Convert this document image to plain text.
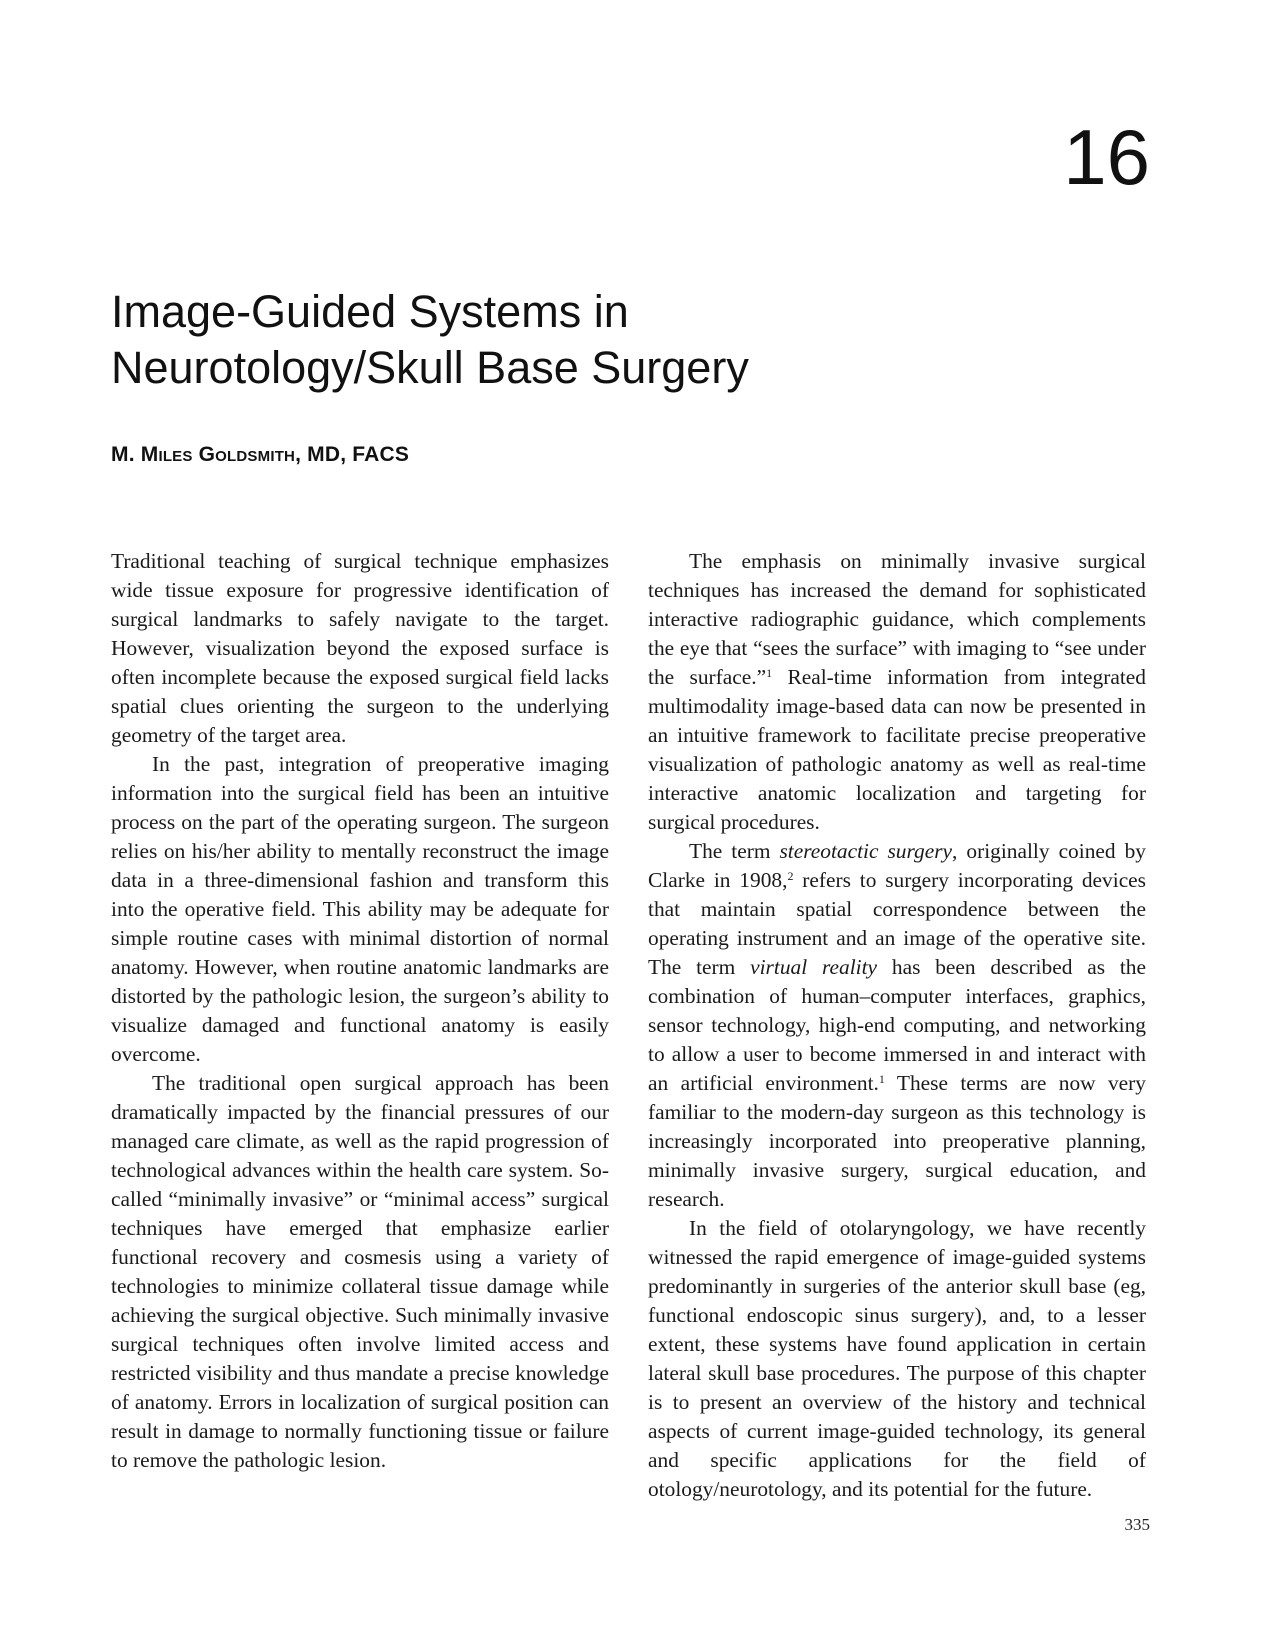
16
Image-Guided Systems in
Neurotology/Skull Base Surgery
M. Miles Goldsmith, MD, FACS

Traditional teaching of surgical technique emphasizes wide tissue exposure for progressive identification of surgical landmarks to safely navigate to the target. However, visualization beyond the exposed surface is often incomplete because the exposed surgical field lacks spatial clues orienting the surgeon to the underlying geometry of the target area.

In the past, integration of preoperative imaging information into the surgical field has been an intuitive process on the part of the operating surgeon. The surgeon relies on his/her ability to mentally reconstruct the image data in a three-dimensional fashion and transform this into the operative field. This ability may be adequate for simple routine cases with minimal distortion of normal anatomy. However, when routine anatomic landmarks are distorted by the pathologic lesion, the surgeon’s ability to visualize damaged and functional anatomy is easily overcome.

The traditional open surgical approach has been dramatically impacted by the financial pressures of our managed care climate, as well as the rapid progression of technological advances within the health care system. So-called “minimally invasive” or “minimal access” surgical techniques have emerged that emphasize earlier functional recovery and cosmesis using a variety of technologies to minimize collateral tissue damage while achieving the surgical objective. Such minimally invasive surgical techniques often involve limited access and restricted visibility and thus mandate a precise knowledge of anatomy. Errors in localization of surgical position can result in damage to normally functioning tissue or failure to remove the pathologic lesion.

The emphasis on minimally invasive surgical techniques has increased the demand for sophisticated interactive radiographic guidance, which complements the eye that “sees the surface” with imaging to “see under the surface.”$^1$ Real-time information from integrated multimodality image-based data can now be presented in an intuitive framework to facilitate precise preoperative visualization of pathologic anatomy as well as real-time interactive anatomic localization and targeting for surgical procedures.

The term stereotactic surgery, originally coined by Clarke in 1908,$^2$ refers to surgery incorporating devices that maintain spatial correspondence between the operating instrument and an image of the operative site. The term virtual reality has been described as the combination of human–computer interfaces, graphics, sensor technology, high-end computing, and networking to allow a user to become immersed in and interact with an artificial environment.$^1$ These terms are now very familiar to the modern-day surgeon as this technology is increasingly incorporated into preoperative planning, minimally invasive surgery, surgical education, and research.

In the field of otolaryngology, we have recently witnessed the rapid emergence of image-guided systems predominantly in surgeries of the anterior skull base (eg, functional endoscopic sinus surgery), and, to a lesser extent, these systems have found application in certain lateral skull base procedures. The purpose of this chapter is to present an overview of the history and technical aspects of current image-guided technology, its general and specific applications for the field of otology/neurotology, and its potential for the future.

335
